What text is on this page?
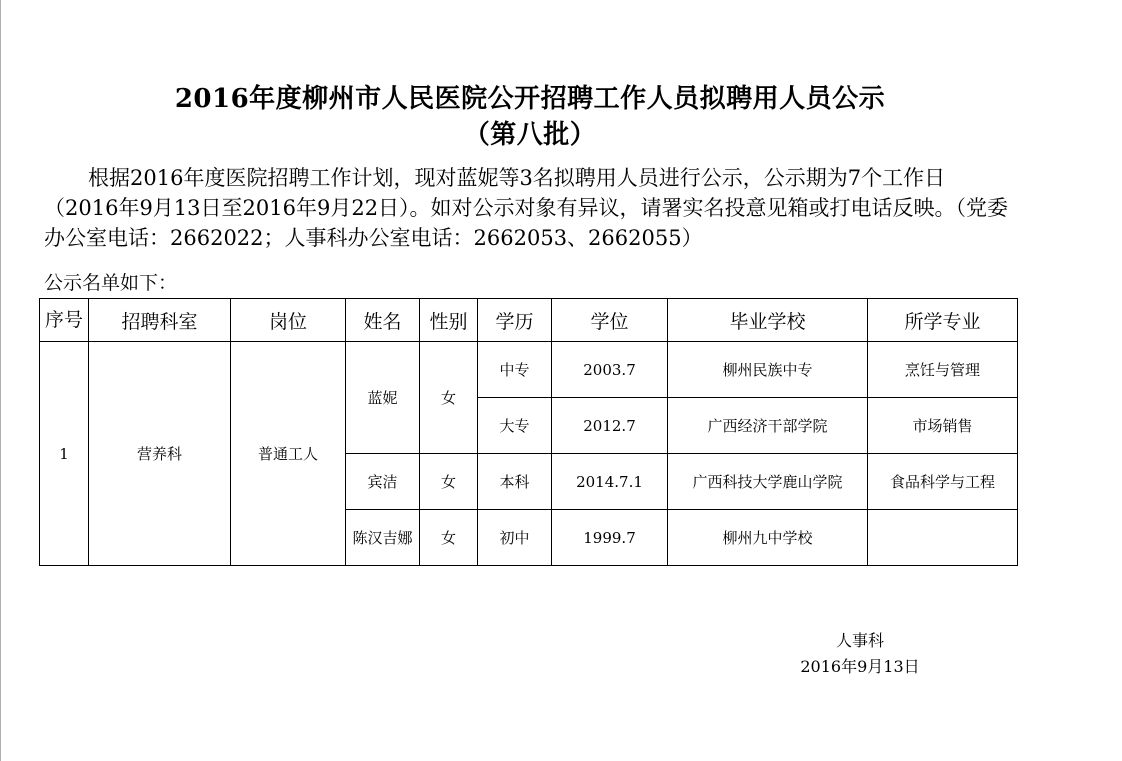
2016年度柳州市人民医院公开招聘工作人员拟聘用人员公示
（第八批）
根据2016年度医院招聘工作计划，现对蓝妮等3名拟聘用人员进行公示，公示期为7个工作日（2016年9月13日至2016年9月22日）。如对公示对象有异议，请署实名投意见箱或打电话反映。（党委办公室电话：2662022；人事科办公室电话：2662053、2662055）
公示名单如下：
序号	招聘科室	岗位	姓名	性别	学历	学位	毕业学校	所学专业
1	营养科	普通工人	蓝妮	女	中专	2003.7	柳州民族中专	烹饪与管理
					大专	2012.7	广西经济干部学院	市场销售
			宾洁	女	本科	2014.7.1	广西科技大学鹿山学院	食品科学与工程
			陈汉吉娜	女	初中	1999.7	柳州九中学校	
人事科
2016年9月13日
